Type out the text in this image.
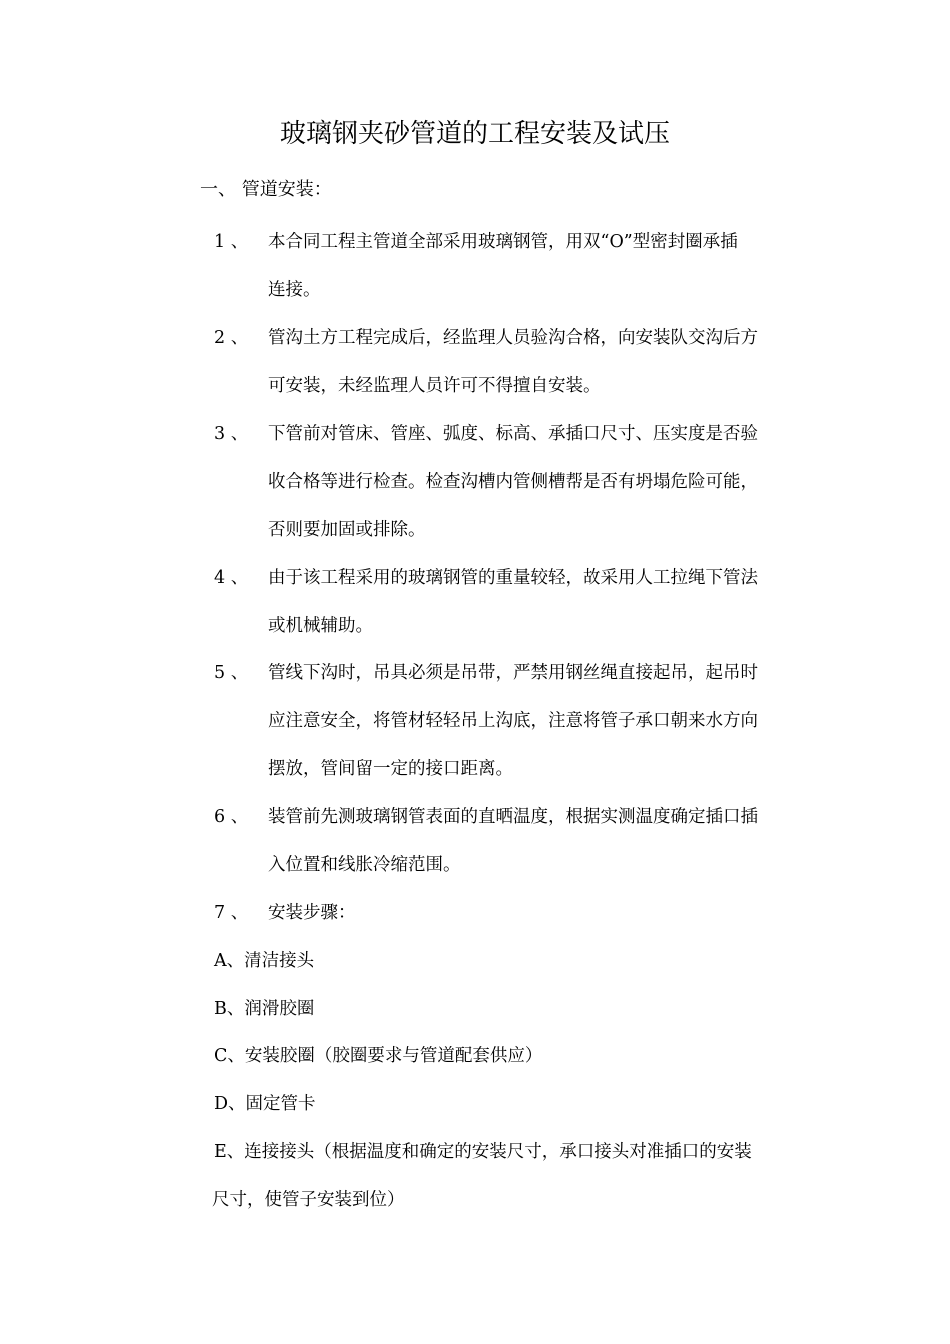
玻璃钢夹砂管道的工程安装及试压
一、 管道安装：
1 、 本合同工程主管道全部采用玻璃钢管，用双“O”型密封圈承插
连接。
2 、 管沟土方工程完成后，经监理人员验沟合格，向安装队交沟后方
可安装，未经监理人员许可不得擅自安装。
3 、 下管前对管床、管座、弧度、标高、承插口尺寸、压实度是否验
收合格等进行检查。检查沟槽内管侧槽帮是否有坍塌危险可能，
否则要加固或排除。
4 、 由于该工程采用的玻璃钢管的重量较轻，故采用人工拉绳下管法
或机械辅助。
5 、 管线下沟时，吊具必须是吊带，严禁用钢丝绳直接起吊，起吊时
应注意安全，将管材轻轻吊上沟底，注意将管子承口朝来水方向
摆放，管间留一定的接口距离。
6 、 装管前先测玻璃钢管表面的直晒温度，根据实测温度确定插口插
入位置和线胀冷缩范围。
7 、 安装步骤：
A、清洁接头
B、润滑胶圈
C、安装胶圈（胶圈要求与管道配套供应）
D、固定管卡
E、连接接头（根据温度和确定的安装尺寸，承口接头对准插口的安装
尺寸，使管子安装到位）
